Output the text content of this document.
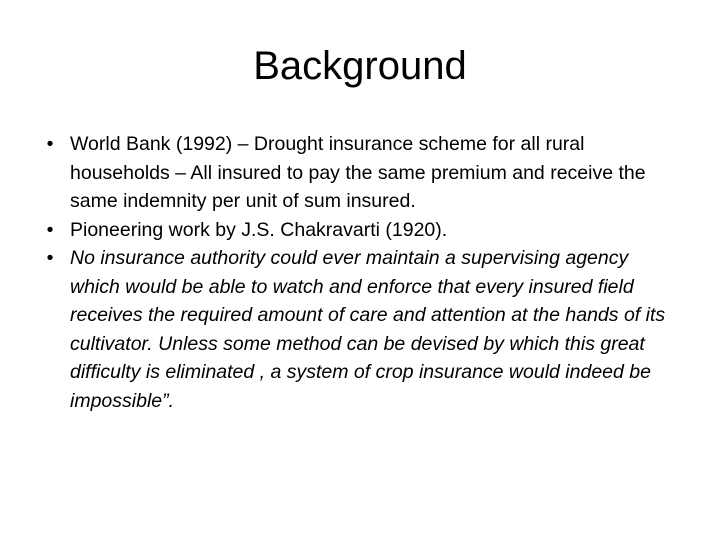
Background
• World Bank (1992) – Drought insurance scheme for all rural households – All insured to pay the same premium and receive the same indemnity per unit of sum insured.
• Pioneering work by J.S. Chakravarti (1920).
• No insurance authority could ever maintain a supervising agency which would be able to watch and enforce that every insured field receives the required amount of care and attention at the hands of its cultivator. Unless some method can be devised by which this great difficulty is eliminated , a system of crop insurance would indeed be impossible”.
